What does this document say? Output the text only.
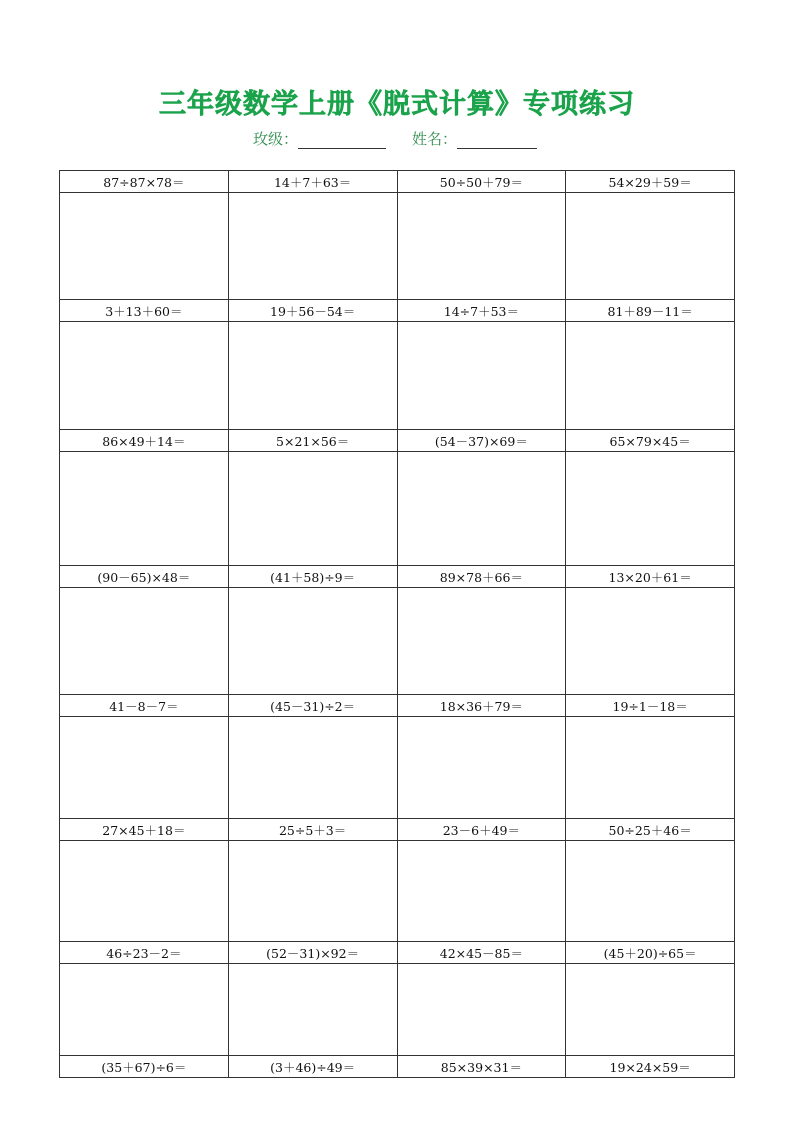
三年级数学上册《脱式计算》专项练习
玫级：	姓名：
87÷87×78＝	14＋7＋63＝	50÷50＋79＝	54×29＋59＝

3＋13＋60＝	19＋56－54＝	14÷7＋53＝	81＋89－11＝

86×49＋14＝	5×21×56＝	(54－37)×69＝	65×79×45＝

(90－65)×48＝	(41＋58)÷9＝	89×78＋66＝	13×20＋61＝

41－8－7＝	(45－31)÷2＝	18×36＋79＝	19÷1－18＝

27×45＋18＝	25÷5＋3＝	23－6＋49＝	50÷25＋46＝

46÷23－2＝	(52－31)×92＝	42×45－85＝	(45＋20)÷65＝

(35＋67)÷6＝	(3＋46)÷49＝	85×39×31＝	19×24×59＝
